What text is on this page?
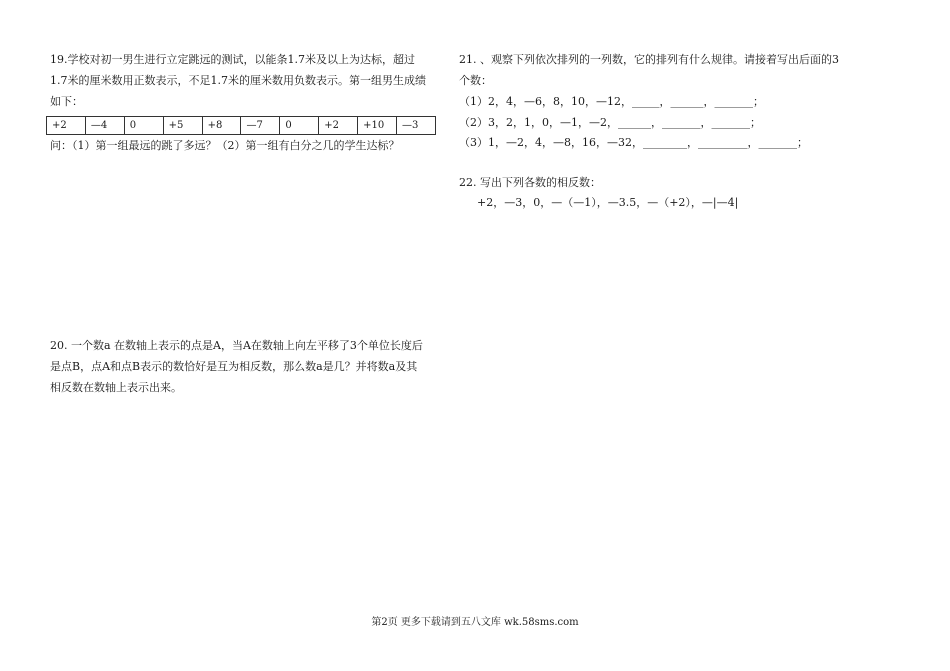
19.学校对初一男生进行立定跳远的测试，以能条1.7米及以上为达标，超过
1.7米的厘米数用正数表示，不足1.7米的厘米数用负数表示。第一组男生成绩
如下：
+2	—4	0	+5	+8	—7	0	+2	+10	—3
问：（1）第一组最远的跳了多远？（2）第一组有白分之几的学生达标？
20. 一个数a 在数轴上表示的点是A，当A在数轴上向左平移了3个单位长度后
是点B，点A和点B表示的数恰好是互为相反数，那么数a是几？并将数a及其
相反数在数轴上表示出来。
21. 、观察下列依次排列的一列数，它的排列有什么规律。请接着写出后面的3
个数：
（1）2，4，—6，8，10，—12，_____，______，_______；
（2）3，2，1，0，—1，—2，______，_______，_______；
（3）1，—2，4，—8，16，—32，________，_________，_______；
22. 写出下列各数的相反数：
+2，—3，0，—（—1），—3.5，—（+2），—|—4|
第2页 更多下载请到五八文库 wk.58sms.com
